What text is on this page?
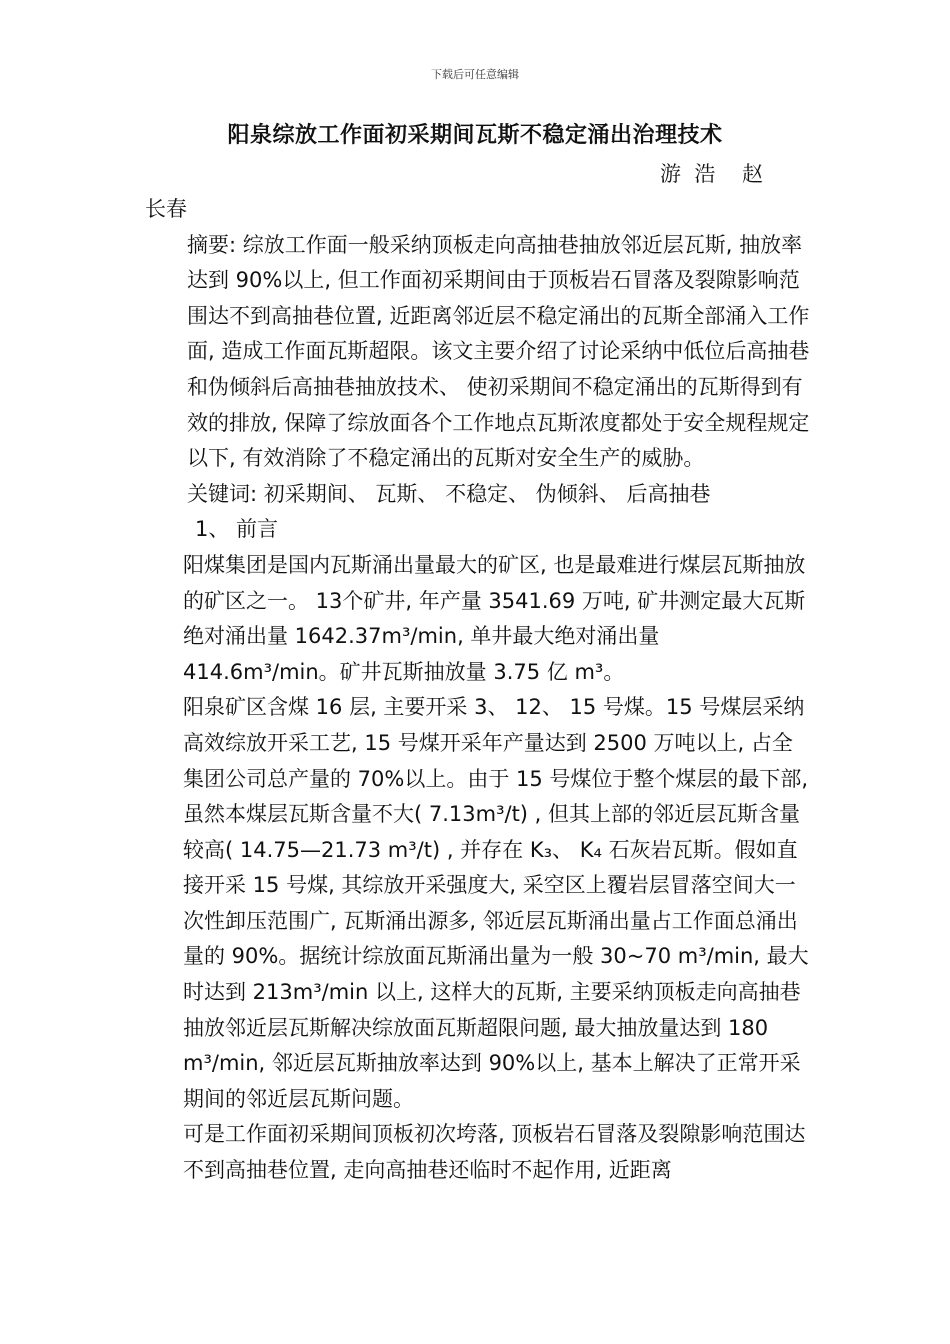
下载后可任意编辑
阳泉综放工作面初采期间瓦斯不稳定涌出治理技术
游  浩    赵

长春

摘要: 综放工作面一般采纳顶板走向高抽巷抽放邻近层瓦斯, 抽放率达到 90%以上, 但工作面初采期间由于顶板岩石冒落及裂隙影响范围达不到高抽巷位置, 近距离邻近层不稳定涌出的瓦斯全部涌入工作面, 造成工作面瓦斯超限。该文主要介绍了讨论采纳中低位后高抽巷和伪倾斜后高抽巷抽放技术、 使初采期间不稳定涌出的瓦斯得到有效的排放, 保障了综放面各个工作地点瓦斯浓度都处于安全规程规定以下, 有效消除了不稳定涌出的瓦斯对安全生产的威胁。

关键词: 初采期间、 瓦斯、 不稳定、 伪倾斜、 后高抽巷

1、 前言

阳煤集团是国内瓦斯涌出量最大的矿区, 也是最难进行煤层瓦斯抽放的矿区之一。 13个矿井, 年产量 3541.69 万吨, 矿井测定最大瓦斯绝对涌出量 1642.37m³/min, 单井最大绝对涌出量 414.6m³/min。矿井瓦斯抽放量 3.75 亿 m³。

阳泉矿区含煤 16 层, 主要开采 3、 12、 15 号煤。15 号煤层采纳高效综放开采工艺, 15 号煤开采年产量达到 2500 万吨以上, 占全集团公司总产量的 70%以上。由于 15 号煤位于整个煤层的最下部, 虽然本煤层瓦斯含量不大( 7.13m³/t) , 但其上部的邻近层瓦斯含量较高( 14.75—21.73 m³/t) , 并存在 K₃、 K₄ 石灰岩瓦斯。假如直接开采 15 号煤, 其综放开采强度大, 采空区上覆岩层冒落空间大一次性卸压范围广, 瓦斯涌出源多, 邻近层瓦斯涌出量占工作面总涌出量的 90%。据统计综放面瓦斯涌出量为一般 30~70 m³/min, 最大时达到 213m³/min 以上, 这样大的瓦斯, 主要采纳顶板走向高抽巷抽放邻近层瓦斯解决综放面瓦斯超限问题, 最大抽放量达到 180 m³/min, 邻近层瓦斯抽放率达到 90%以上, 基本上解决了正常开采期间的邻近层瓦斯问题。

可是工作面初采期间顶板初次垮落, 顶板岩石冒落及裂隙影响范围达不到高抽巷位置, 走向高抽巷还临时不起作用, 近距离
